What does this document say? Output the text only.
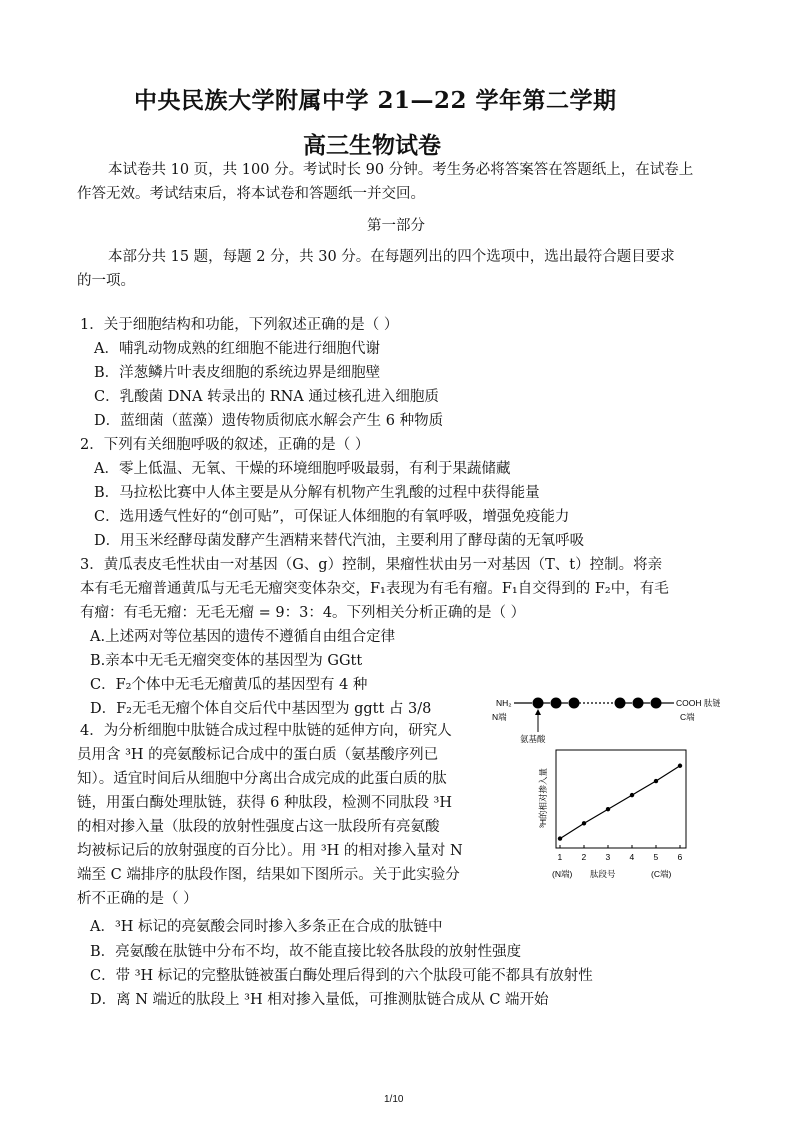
中央民族大学附属中学 21—22 学年第二学期
高三生物试卷
本试卷共 10 页，共 100 分。考试时长 90 分钟。考生务必将答案答在答题纸上，在试卷上
作答无效。考试结束后，将本试卷和答题纸一并交回。
第一部分
本部分共 15 题，每题 2 分，共 30 分。在每题列出的四个选项中，选出最符合题目要求
的一项。
1．关于细胞结构和功能，下列叙述正确的是（ ）
A．哺乳动物成熟的红细胞不能进行细胞代谢
B．洋葱鳞片叶表皮细胞的系统边界是细胞壁
C．乳酸菌 DNA 转录出的 RNA 通过核孔进入细胞质
D．蓝细菌（蓝藻）遗传物质彻底水解会产生 6 种物质
2．下列有关细胞呼吸的叙述，正确的是（ ）
A．零上低温、无氧、干燥的环境细胞呼吸最弱，有利于果蔬储藏
B．马拉松比赛中人体主要是从分解有机物产生乳酸的过程中获得能量
C．选用透气性好的“创可贴”，可保证人体细胞的有氧呼吸，增强免疫能力
D．用玉米经酵母菌发酵产生酒精来替代汽油，主要利用了酵母菌的无氧呼吸
3．黄瓜表皮毛性状由一对基因（G、g）控制，果瘤性状由另一对基因（T、t）控制。将亲
本有毛无瘤普通黄瓜与无毛无瘤突变体杂交，F₁表现为有毛有瘤。F₁自交得到的 F₂中，有毛
有瘤：有毛无瘤：无毛无瘤 = 9：3：4。下列相关分析正确的是（ ）
A.上述两对等位基因的遗传不遵循自由组合定律
B.亲本中无毛无瘤突变体的基因型为 GGtt
C．F₂个体中无毛无瘤黄瓜的基因型有 4 种
D．F₂无毛无瘤个体自交后代中基因型为 ggtt 占 3/8
4．为分析细胞中肽链合成过程中肽链的延伸方向，研究人
员用含 ³H 的亮氨酸标记合成中的蛋白质（氨基酸序列已
知）。适宜时间后从细胞中分离出合成完成的此蛋白质的肽
链，用蛋白酶处理肽链，获得 6 种肽段，检测不同肽段 ³H
的相对掺入量（肽段的放射性强度占这一肽段所有亮氨酸
均被标记后的放射强度的百分比）。用 ³H 的相对掺入量对 N
端至 C 端排序的肽段作图，结果如下图所示。关于此实验分
析不正确的是（ ）
A．³H 标记的亮氨酸会同时掺入多条正在合成的肽链中
B．亮氨酸在肽链中分布不均，故不能直接比较各肽段的放射性强度
C．带 ³H 标记的完整肽链被蛋白酶处理后得到的六个肽段可能不都具有放射性
D．离 N 端近的肽段上 ³H 相对掺入量低，可推测肽链合成从 C 端开始
NH₂
N端
COOH 肽链
C端
氨基酸
³H的相对掺入量
1 2 3 4 5 6
肽段号
(N端)	(C端)
1/10
